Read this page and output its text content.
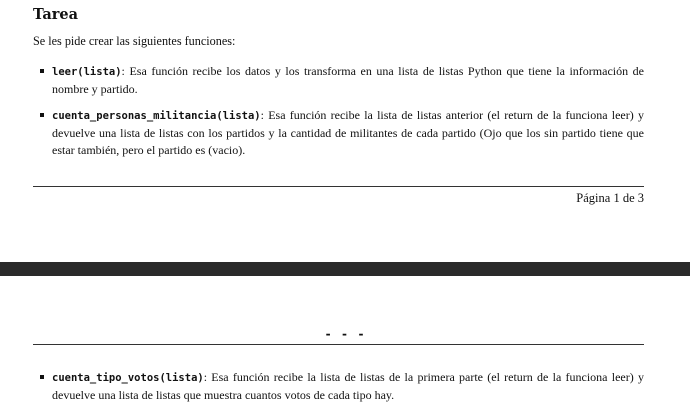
Tarea
Se les pide crear las siguientes funciones:
leer(lista): Esa función recibe los datos y los transforma en una lista de listas Python que tiene la información de nombre y partido.
cuenta_personas_militancia(lista): Esa función recibe la lista de listas anterior (el return de la funciona leer) y devuelve una lista de listas con los partidos y la cantidad de militantes de cada partido (Ojo que los sin partido tiene que estar también, pero el partido es (vacio).
Página 1 de 3
- - -
cuenta_tipo_votos(lista): Esa función recibe la lista de listas de la primera parte (el return de la funciona leer) y devuelve una lista de listas que muestra cuantos votos de cada tipo hay.
